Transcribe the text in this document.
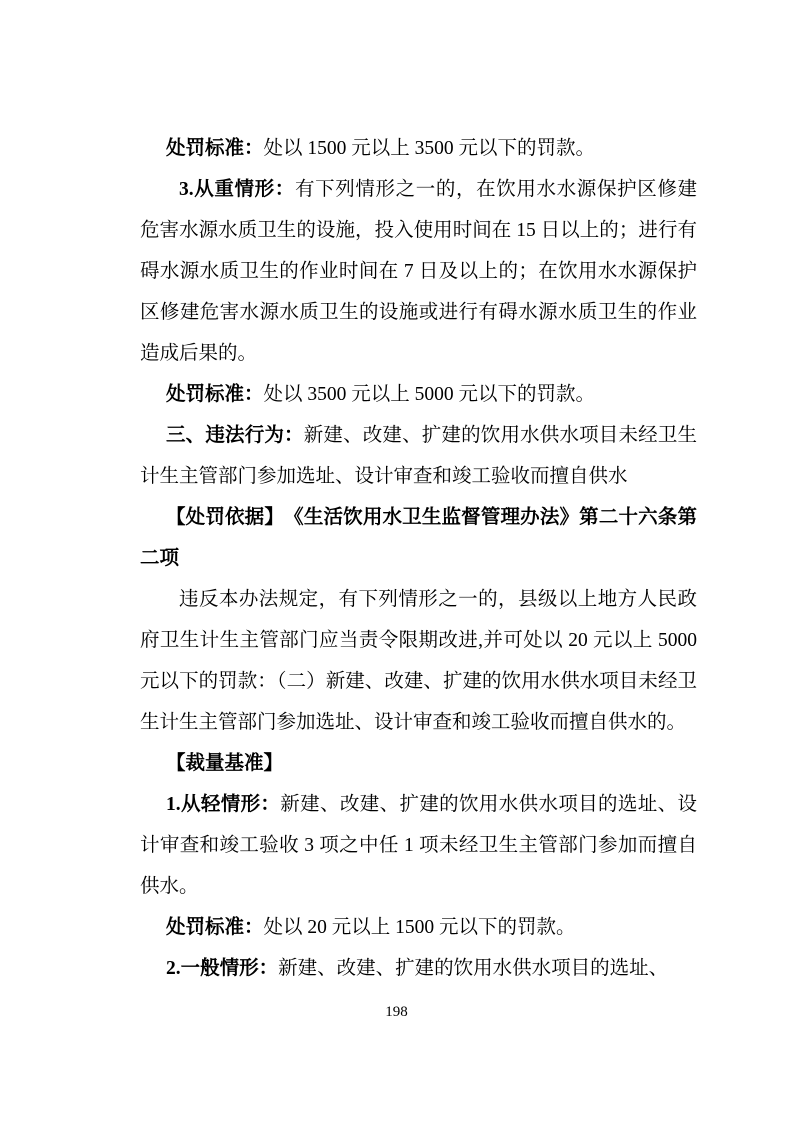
处罚标准：处以 1500 元以上 3500 元以下的罚款。

3.从重情形：有下列情形之一的，在饮用水水源保护区修建危害水源水质卫生的设施，投入使用时间在 15 日以上的；进行有碍水源水质卫生的作业时间在 7 日及以上的；在饮用水水源保护区修建危害水源水质卫生的设施或进行有碍水源水质卫生的作业造成后果的。

处罚标准：处以 3500 元以上 5000 元以下的罚款。

三、违法行为：新建、改建、扩建的饮用水供水项目未经卫生计生主管部门参加选址、设计审查和竣工验收而擅自供水

【处罚依据】　《生活饮用水卫生监督管理办法》第二十六条第二项

违反本办法规定，有下列情形之一的，县级以上地方人民政府卫生计生主管部门应当责令限期改进,并可处以 20 元以上 5000 元以下的罚款：（二）新建、改建、扩建的饮用水供水项目未经卫生计生主管部门参加选址、设计审查和竣工验收而擅自供水的。

【裁量基准】

1.从轻情形：新建、改建、扩建的饮用水供水项目的选址、设计审查和竣工验收 3 项之中任 1 项未经卫生主管部门参加而擅自供水。

处罚标准：处以 20 元以上 1500 元以下的罚款。

2.一般情形：新建、改建、扩建的饮用水供水项目的选址、

198
